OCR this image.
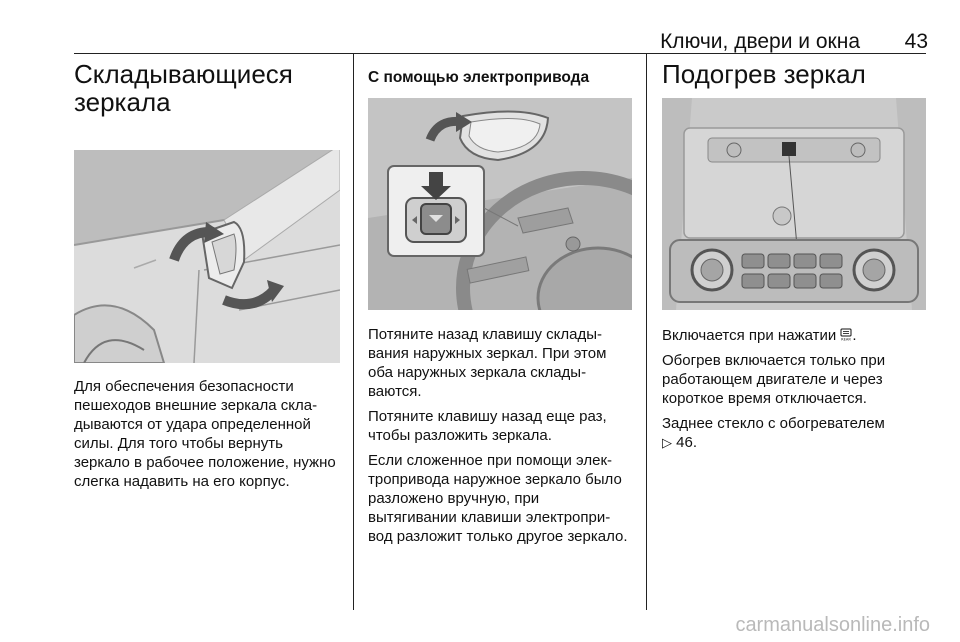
Ключи, двери и окна	43
Складывающиеся
зеркала

Для обеспечения безопасности пешеходов внешние зеркала скла-дываются от удара определенной силы. Для того чтобы вернуть зеркало в рабочее положение, нужно слегка надавить на его корпус.

С помощью электропривода

Потяните назад клавишу склады-вания наружных зеркал. При этом оба наружных зеркала склады-ваются.

Потяните клавишу назад еще раз, чтобы разложить зеркала.

Если сложенное при помощи элек-тропривода наружное зеркало было разложено вручную, при вытягивании клавиши электропри-вод разложит только другое зеркало.

Подогрев зеркал

Включается при нажатии REAR .

Обогрев включается только при работающем двигателе и через короткое время отключается.

Заднее стекло с обогревателем
▷ 46.

carmanualsonline.info
